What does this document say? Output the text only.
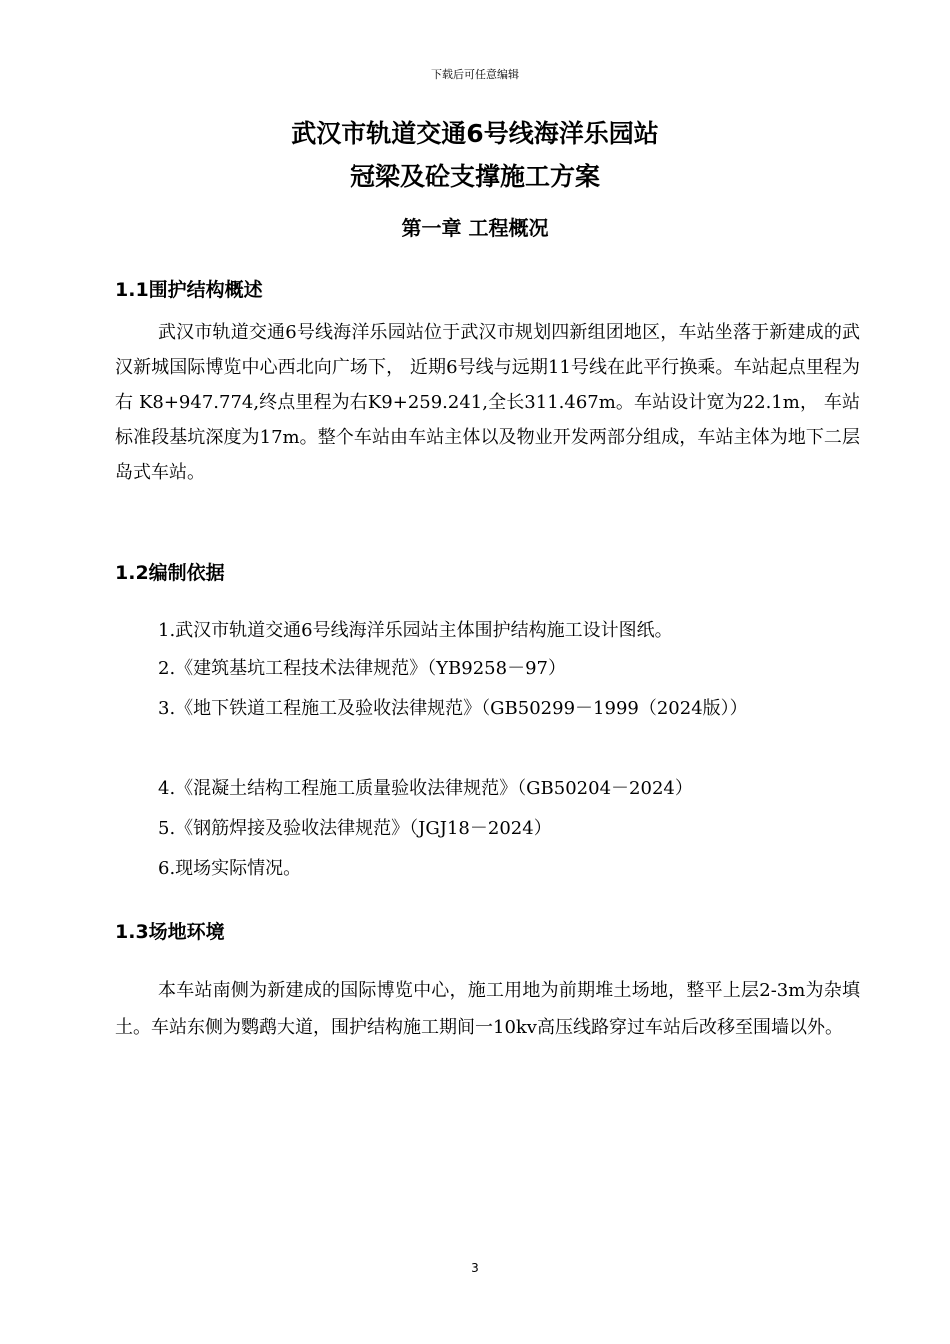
下载后可任意编辑
武汉市轨道交通6号线海洋乐园站
冠梁及砼支撑施工方案
第一章 工程概况
1.1围护结构概述
武汉市轨道交通6号线海洋乐园站位于武汉市规划四新组团地区，车站坐落于新建成的武汉新城国际博览中心西北向广场下， 近期6号线与远期11号线在此平行换乘。车站起点里程为右 K8+947.774,终点里程为右K9+259.241,全长311.467m。车站设计宽为22.1m， 车站标准段基坑深度为17m。整个车站由车站主体以及物业开发两部分组成，车站主体为地下二层岛式车站。
1.2编制依据
1.武汉市轨道交通6号线海洋乐园站主体围护结构施工设计图纸。
2.《建筑基坑工程技术法律规范》（YB9258－97）
3.《地下铁道工程施工及验收法律规范》（GB50299－1999（2024版））
4.《混凝土结构工程施工质量验收法律规范》（GB50204－2024）
5.《钢筋焊接及验收法律规范》（JGJ18－2024）
6.现场实际情况。
1.3场地环境
本车站南侧为新建成的国际博览中心，施工用地为前期堆土场地，整平上层2-3m为杂填土。车站东侧为鹦鹉大道，围护结构施工期间一10kv高压线路穿过车站后改移至围墙以外。
3
